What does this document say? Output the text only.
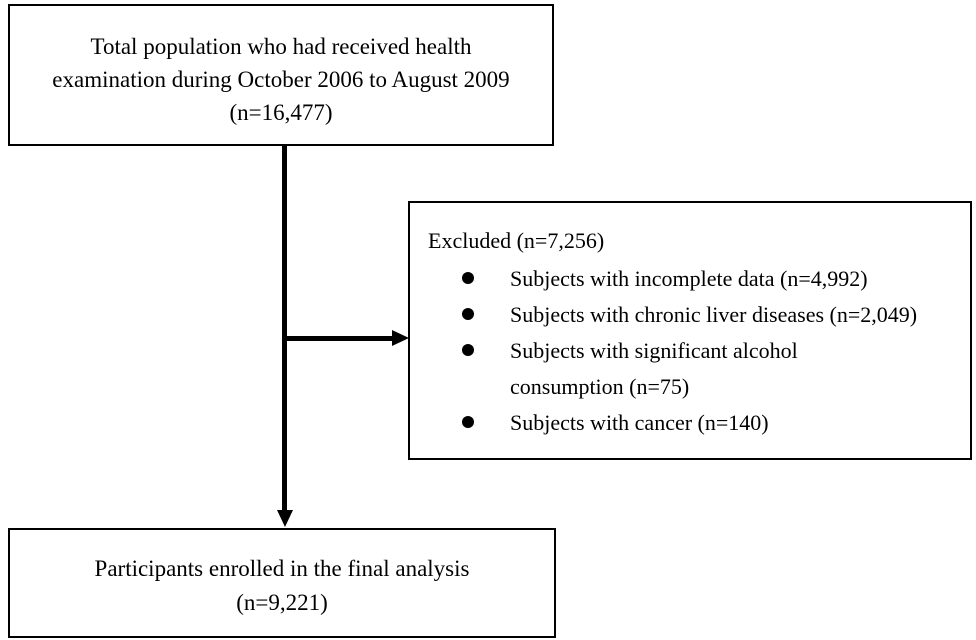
Total population who had received health
examination during October 2006 to August 2009
(n=16,477)
Excluded (n=7,256)
Subjects with incomplete data (n=4,992)
Subjects with chronic liver diseases (n=2,049)
Subjects with significant alcohol
consumption (n=75)
Subjects with cancer (n=140)
Participants enrolled in the final analysis
(n=9,221)
